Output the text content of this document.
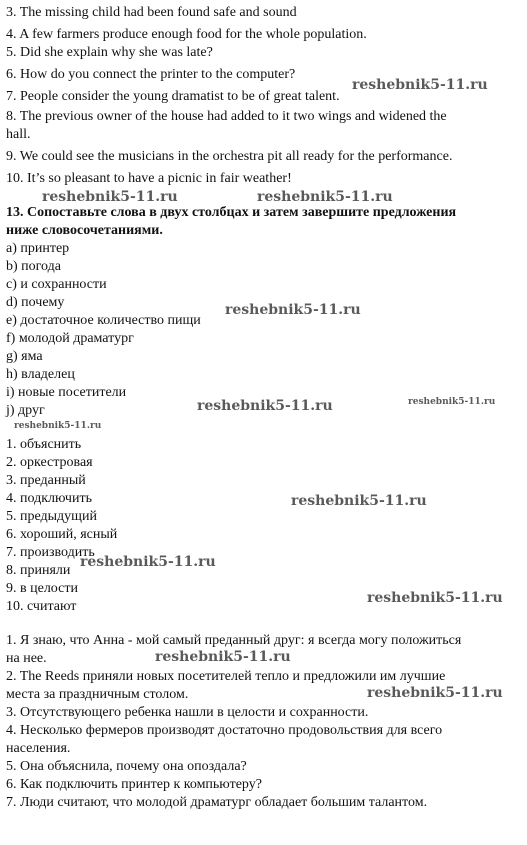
3. The missing child had been found safe and sound
4. A few farmers produce enough food for the whole population.
5. Did she explain why she was late?
6. How do you connect the printer to the computer?
7. People consider the young dramatist to be of great talent.
8. The previous owner of the house had added to it two wings and widened the
hall.
9. We could see the musicians in the orchestra pit all ready for the performance.
10. It’s so pleasant to have a picnic in fair weather!
13. Сопоставьте слова в двух столбцах и затем завершите предложения
ниже словосочетаниями.
a) принтер
b) погода
c) и сохранности
d) почему
e) достаточное количество пищи
f) молодой драматург
g) яма
h) владелец
i) новые посетители
j) друг
1. объяснить
2. оркестровая
3. преданный
4. подключить
5. предыдущий
6. хороший, ясный
7. производить
8. приняли
9. в целости
10. считают
1. Я знаю, что Анна - мой самый преданный друг: я всегда могу положиться
на нее.
2. The Reeds приняли новых посетителей тепло и предложили им лучшие
места за праздничным столом.
3. Отсутствующего ребенка нашли в целости и сохранности.
4. Несколько фермеров производят достаточно продовольствия для всего
населения.
5. Она объяснила, почему она опоздала?
6. Как подключить принтер к компьютеру?
7. Люди считают, что молодой драматург обладает большим талантом.
reshebnik5-11.ru
reshebnik5-11.ru	reshebnik5-11.ru
reshebnik5-11.ru
reshebnik5-11.ru	reshebnik5-11.ru
reshebnik5-11.ru
reshebnik5-11.ru
reshebnik5-11.ru
reshebnik5-11.ru
reshebnik5-11.ru
reshebnik5-11.ru
